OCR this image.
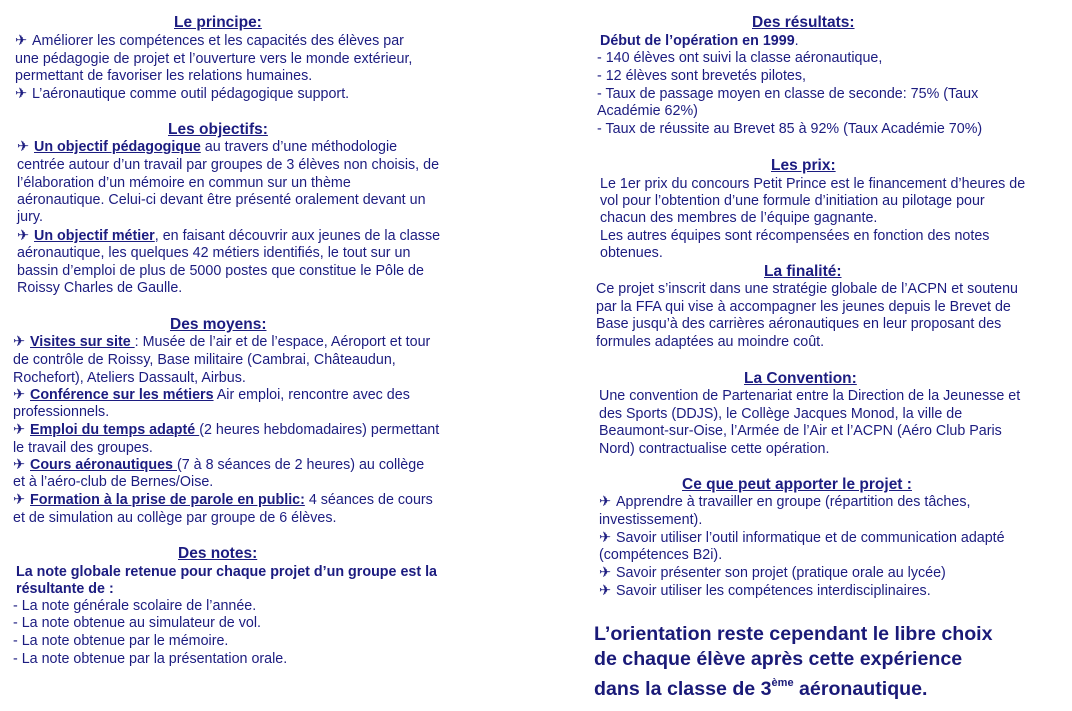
Le principe:
✈ Améliorer les compétences et les capacités des élèves par
une pédagogie de projet et l’ouverture vers le monde extérieur,
permettant de favoriser les relations humaines.
✈ L’aéronautique comme outil pédagogique support.
Les objectifs:
✈ Un objectif pédagogique au travers d’une méthodologie
centrée autour d’un travail par groupes de 3 élèves non choisis, de
l’élaboration d’un mémoire en commun sur un thème
aéronautique. Celui-ci devant être présenté oralement devant un
jury.
✈ Un objectif métier, en faisant découvrir aux jeunes de la classe
aéronautique, les quelques 42 métiers identifiés, le tout sur un
bassin d’emploi de plus de 5000 postes que constitue le Pôle de
Roissy Charles de Gaulle.
Des moyens:
✈ Visites sur site : Musée de l’air et de l’espace, Aéroport et tour
de contrôle de Roissy, Base militaire (Cambrai, Châteaudun,
Rochefort), Ateliers Dassault, Airbus.
✈ Conférence sur les métiers Air emploi, rencontre avec des
professionnels.
✈ Emploi du temps adapté (2 heures hebdomadaires) permettant
le travail des groupes.
✈ Cours aéronautiques (7 à 8 séances de 2 heures) au collège
et à l’aéro-club de Bernes/Oise.
✈ Formation à la prise de parole en public: 4 séances de cours
et de simulation au collège par groupe de 6 élèves.
Des notes:
La note globale retenue pour chaque projet d’un groupe est la
résultante de :
- La note générale scolaire de l’année.
- La note obtenue au simulateur de vol.
- La note obtenue par le mémoire.
- La note obtenue par la présentation orale.
Des résultats:
Début de l’opération en 1999.
- 140 élèves ont suivi la classe aéronautique,
- 12 élèves sont brevetés pilotes,
- Taux de passage moyen en classe de seconde: 75% (Taux
Académie 62%)
- Taux de réussite au Brevet 85 à 92% (Taux Académie 70%)
Les prix:
Le 1er prix du concours Petit Prince est le financement d’heures de
vol pour l’obtention d’une formule d’initiation au pilotage pour
chacun des membres de l’équipe gagnante.
Les autres équipes sont récompensées en fonction des notes
obtenues.
La finalité:
Ce projet s’inscrit dans une stratégie globale de l’ACPN et soutenu
par la FFA qui vise à accompagner les jeunes depuis le Brevet de
Base jusqu’à des carrières aéronautiques en leur proposant des
formules adaptées au moindre coût.
La Convention:
Une convention de Partenariat entre la Direction de la Jeunesse et
des Sports (DDJS), le Collège Jacques Monod, la ville de
Beaumont-sur-Oise, l’Armée de l’Air et l’ACPN (Aéro Club Paris
Nord) contractualise cette opération.
Ce que peut apporter le projet :
✈ Apprendre à travailler en groupe (répartition des tâches,
investissement).
✈ Savoir utiliser l’outil informatique et de communication adapté
(compétences B2i).
✈ Savoir présenter son projet (pratique orale au lycée)
✈ Savoir utiliser les compétences interdisciplinaires.
L’orientation reste cependant le libre choix
de chaque élève après cette expérience
dans la classe de 3ème aéronautique.
